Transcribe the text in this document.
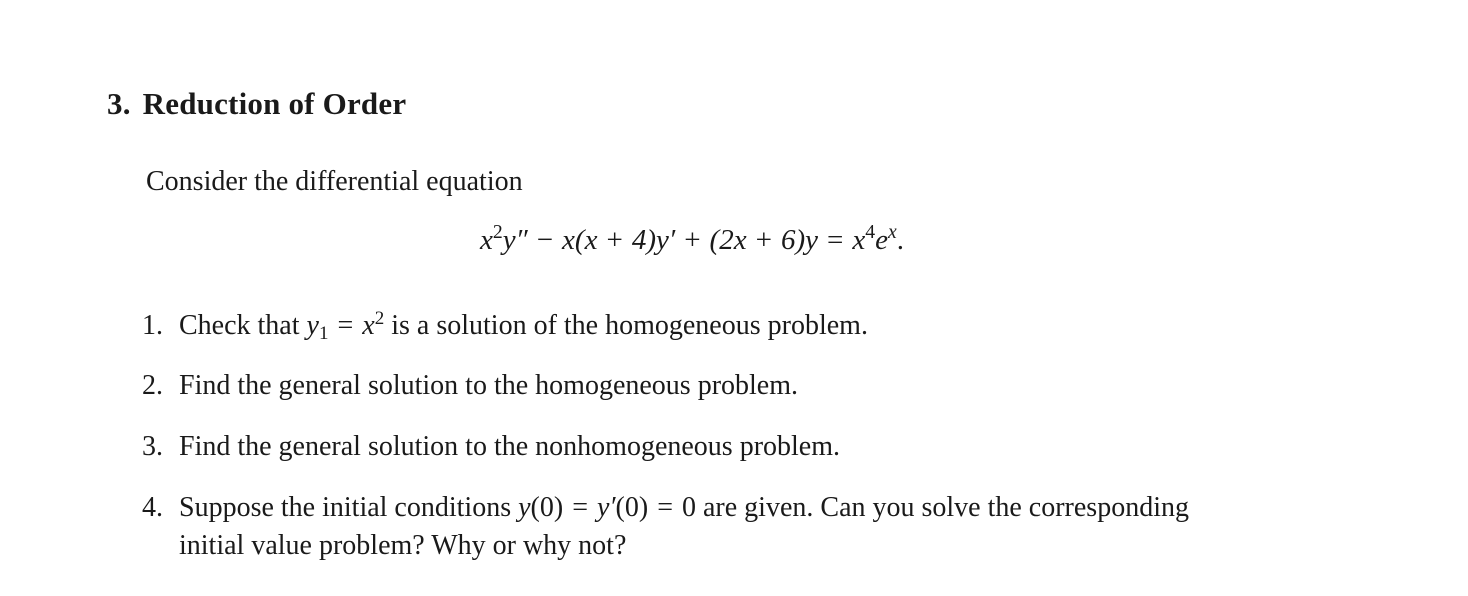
3. Reduction of Order
Consider the differential equation
$x^2y'' - x(x + 4)y' + (2x + 6)y = x^4e^x$.
1. Check that $y_1 = x^2$ is a solution of the homogeneous problem.
2. Find the general solution to the homogeneous problem.
3. Find the general solution to the nonhomogeneous problem.
4. Suppose the initial conditions y(0) = y′(0) = 0 are given. Can you solve the corresponding
initial value problem? Why or why not?
